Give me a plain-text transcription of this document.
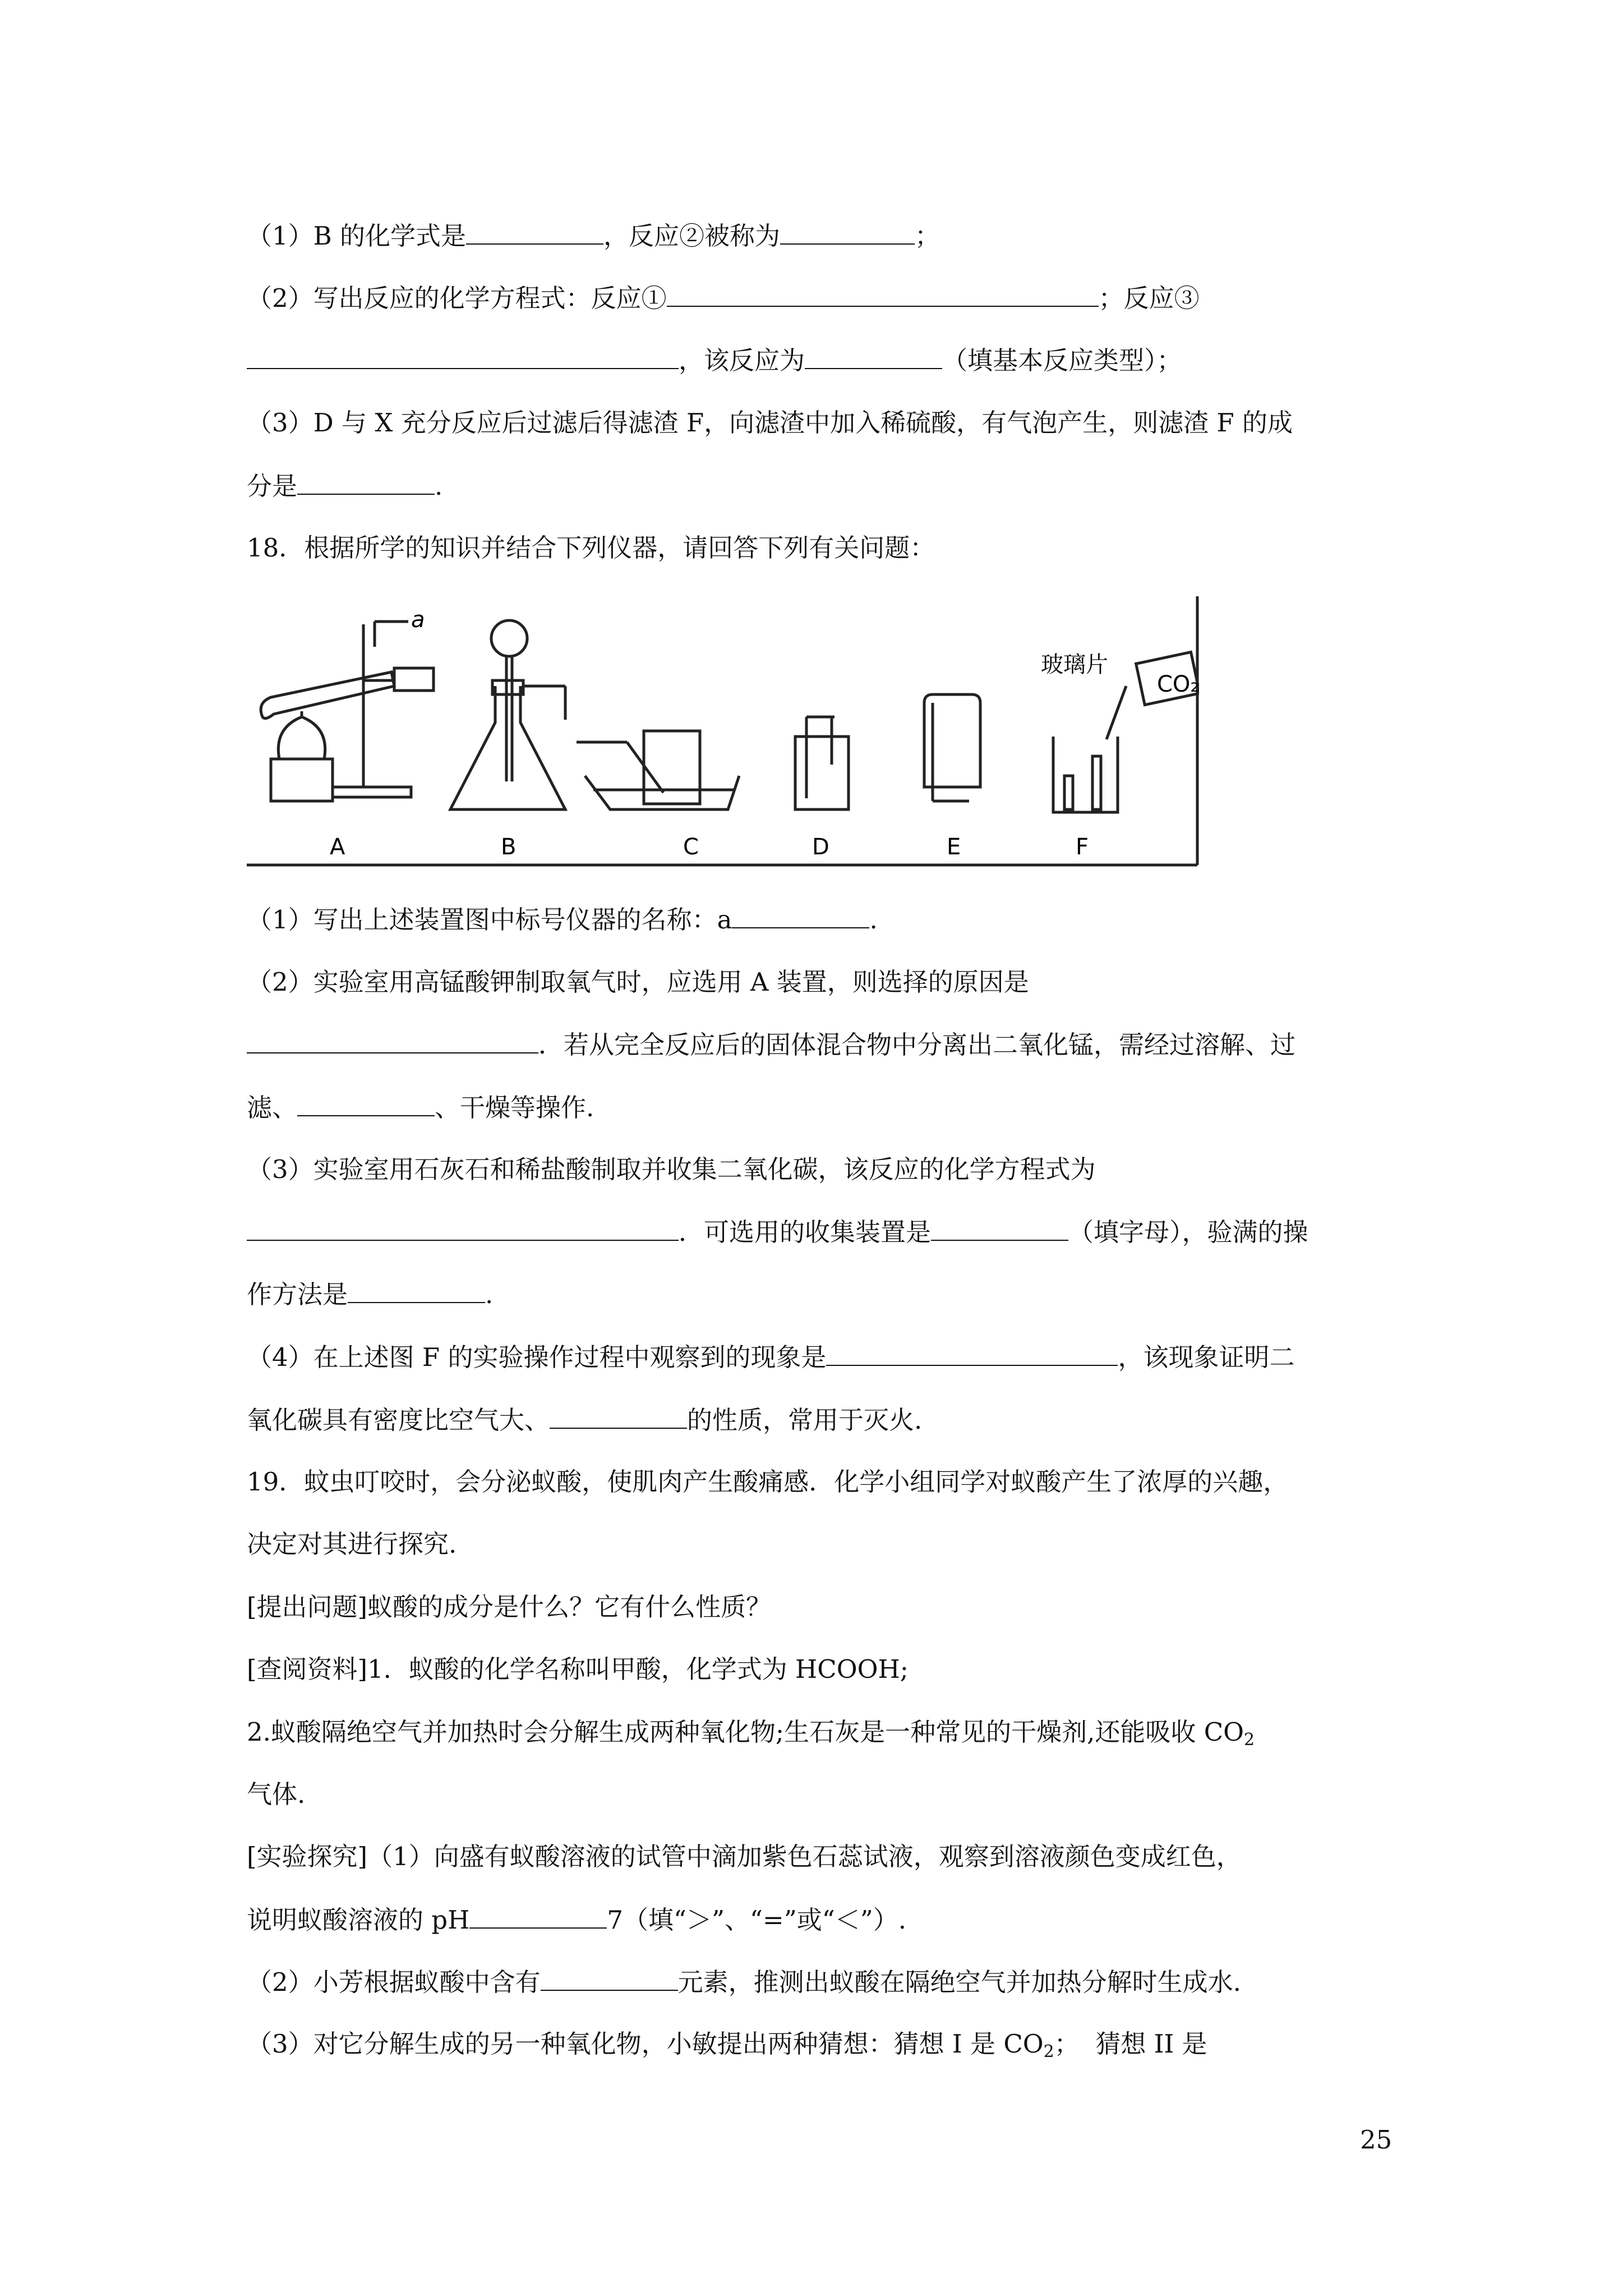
（1）B 的化学式是	，反应②被称为	；
（2）写出反应的化学方程式：反应①	；反应③
，该反应为	（填基本反应类型）；
（3）D 与 X 充分反应后过滤后得滤渣 F，向滤渣中加入稀硫酸，有气泡产生，则滤渣 F 的成
分是	.
18．根据所学的知识并结合下列仪器，请回答下列有关问题：
a
玻璃片
CO₂
A	B	C	D	E	F
（1）写出上述装置图中标号仪器的名称：a	.
（2）实验室用高锰酸钾制取氧气时，应选用 A 装置，则选择的原因是
．若从完全反应后的固体混合物中分离出二氧化锰，需经过溶解、过
滤、	、干燥等操作.
（3）实验室用石灰石和稀盐酸制取并收集二氧化碳，该反应的化学方程式为
．可选用的收集装置是	（填字母），验满的操
作方法是	.
（4）在上述图 F 的实验操作过程中观察到的现象是	，该现象证明二
氧化碳具有密度比空气大、	的性质，常用于灭火.
19．蚊虫叮咬时，会分泌蚁酸，使肌肉产生酸痛感．化学小组同学对蚁酸产生了浓厚的兴趣，
决定对其进行探究.
[提出问题]蚁酸的成分是什么？它有什么性质？
[查阅资料]1．蚁酸的化学名称叫甲酸，化学式为 HCOOH;
2.蚁酸隔绝空气并加热时会分解生成两种氧化物;生石灰是一种常见的干燥剂,还能吸收 $CO_2$
气体.
[实验探究]（1）向盛有蚁酸溶液的试管中滴加紫色石蕊试液，观察到溶液颜色变成红色，
说明蚁酸溶液的 pH	7（填“＞”、“=”或“＜”）.
（2）小芳根据蚁酸中含有	元素，推测出蚁酸在隔绝空气并加热分解时生成水.
（3）对它分解生成的另一种氧化物，小敏提出两种猜想：猜想 I 是 $CO_2$；  猜想 II 是
25
